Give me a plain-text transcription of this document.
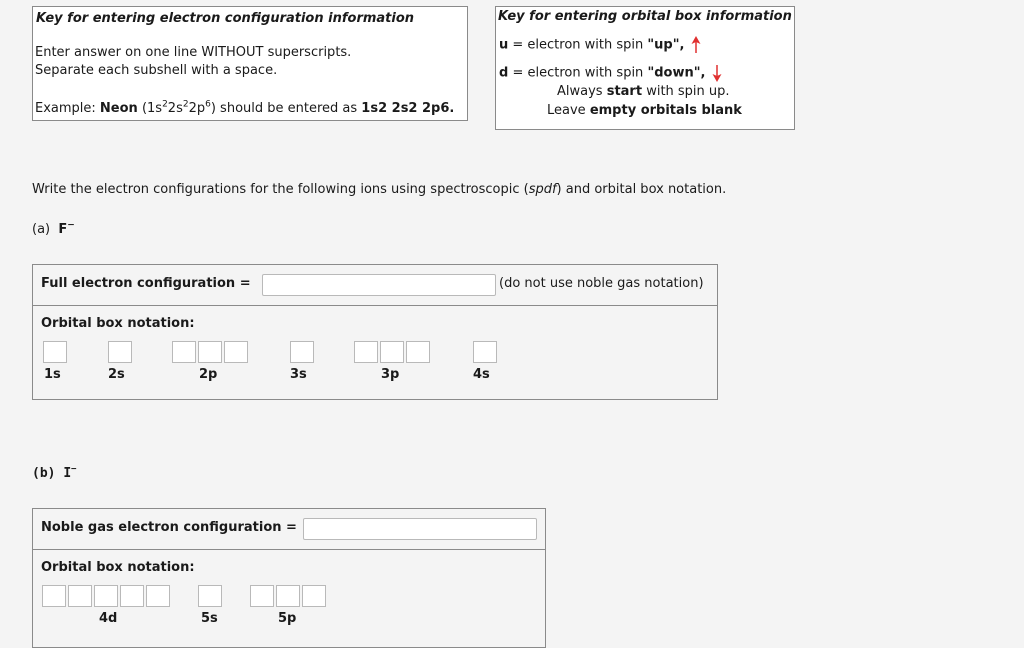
Key for entering electron configuration information
Enter answer on one line WITHOUT superscripts.
Separate each subshell with a space.
Example: Neon $(1s^22s^22p^6)$ should be entered as 1s2 2s2 2p6.
Key for entering orbital box information
u = electron with spin "up",
d = electron with spin "down",
Always start with spin up.
Leave empty orbitals blank
Write the electron configurations for the following ions using spectroscopic (spdf) and orbital box notation.
(a) F−
Full electron configuration =	(do not use noble gas notation)
Orbital box notation:
1s	2s	2p	3s	3p	4s
(b) I−
Noble gas electron configuration =
Orbital box notation:
4d	5s	5p
